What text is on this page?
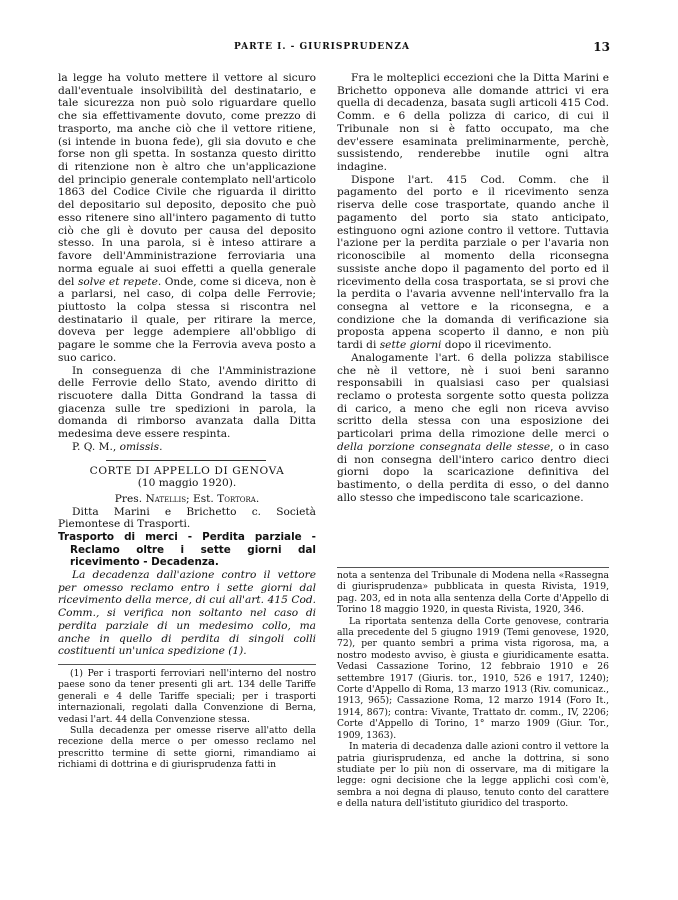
PARTE I. - GIURISPRUDENZA	13

la legge ha voluto mettere il vettore al sicuro dall'eventuale insolvibilità del destinatario, e tale sicurezza non può solo riguardare quello che sia effettivamente dovuto, come prezzo di trasporto, ma anche ciò che il vettore ritiene, (si intende in buona fede), gli sia dovuto e che forse non gli spetta. In sostanza questo diritto di ritenzione non è altro che un'applicazione del principio generale contemplato nell'articolo 1863 del Codice Civile che riguarda il diritto del depositario sul deposito, deposito che può esso ritenere sino all'intero pagamento di tutto ciò che gli è dovuto per causa del deposito stesso. In una parola, si è inteso attirare a favore dell'Amministrazione ferroviaria una norma eguale ai suoi effetti a quella generale del solve et repete. Onde, come si diceva, non è a parlarsi, nel caso, di colpa delle Ferrovie; piuttosto la colpa stessa si riscontra nel destinatario il quale, per ritirare la merce, doveva per legge adempiere all'obbligo di pagare le somme che la Ferrovia aveva posto a suo carico.

In conseguenza di che l'Amministrazione delle Ferrovie dello Stato, avendo diritto di riscuotere dalla Ditta Gondrand la tassa di giacenza sulle tre spedizioni in parola, la domanda di rimborso avanzata dalla Ditta medesima deve essere respinta.

P. Q. M., omissis.

CORTE DI APPELLO DI GENOVA

(10 maggio 1920).

Pres. Natellis; Est. Tortora.

Ditta Marini e Brichetto c. Società Piemontese di Trasporti.

Trasporto di merci - Perdita parziale - Reclamo oltre i sette giorni dal ricevimento - Decadenza.

La decadenza dall'azione contro il vettore per omesso reclamo entro i sette giorni dal ricevimento della merce, di cui all'art. 415 Cod. Comm., si verifica non soltanto nel caso di perdita parziale di un medesimo collo, ma anche in quello di perdita di singoli colli costituenti un'unica spedizione (1).

(1) Per i trasporti ferroviari nell'interno del nostro paese sono da tener presenti gli art. 134 delle Tariffe generali e 4 delle Tariffe speciali; per i trasporti internazionali, regolati dalla Convenzione di Berna, vedasi l'art. 44 della Convenzione stessa.

Sulla decadenza per omesse riserve all'atto della recezione della merce o per omesso reclamo nel prescritto termine di sette giorni, rimandiamo ai richiami di dottrina e di giurisprudenza fatti in

Fra le molteplici eccezioni che la Ditta Marini e Brichetto opponeva alle domande attrici vi era quella di decadenza, basata sugli articoli 415 Cod. Comm. e 6 della polizza di carico, di cui il Tribunale non si è fatto occupato, ma che dev'essere esaminata preliminarmente, perchè, sussistendo, renderebbe inutile ogni altra indagine.

Dispone l'art. 415 Cod. Comm. che il pagamento del porto e il ricevimento senza riserva delle cose trasportate, quando anche il pagamento del porto sia stato anticipato, estinguono ogni azione contro il vettore. Tuttavia l'azione per la perdita parziale o per l'avaria non riconoscibile al momento della riconsegna sussiste anche dopo il pagamento del porto ed il ricevimento della cosa trasportata, se si provi che la perdita o l'avaria avvenne nell'intervallo fra la consegna al vettore e la riconsegna, e a condizione che la domanda di verificazione sia proposta appena scoperto il danno, e non più tardi di sette giorni dopo il ricevimento.

Analogamente l'art. 6 della polizza stabilisce che nè il vettore, nè i suoi beni saranno responsabili in qualsiasi caso per qualsiasi reclamo o protesta sorgente sotto questa polizza di carico, a meno che egli non riceva avviso scritto della stessa con una esposizione dei particolari prima della rimozione delle merci o della porzione consegnata delle stesse, o in caso di non consegna dell'intero carico dentro dieci giorni dopo la scaricazione definitiva del bastimento, o della perdita di esso, o del danno allo stesso che impediscono tale scaricazione.

nota a sentenza del Tribunale di Modena nella «Rassegna di giurisprudenza» pubblicata in questa Rivista, 1919, pag. 203, ed in nota alla sentenza della Corte d'Appello di Torino 18 maggio 1920, in questa Rivista, 1920, 346.

La riportata sentenza della Corte genovese, contraria alla precedente del 5 giugno 1919 (Temi genovese, 1920, 72), per quanto sembri a prima vista rigorosa, ma, a nostro modesto avviso, è giusta e giuridicamente esatta. Vedasi Cassazione Torino, 12 febbraio 1910 e 26 settembre 1917 (Giuris. tor., 1910, 526 e 1917, 1240); Corte d'Appello di Roma, 13 marzo 1913 (Riv. comunicaz., 1913, 965); Cassazione Roma, 12 marzo 1914 (Foro It., 1914, 867); contra: Vivante, Trattato dr. comm., IV, 2206; Corte d'Appello di Torino, 1° marzo 1909 (Giur. Tor., 1909, 1363).

In materia di decadenza dalle azioni contro il vettore la patria giurisprudenza, ed anche la dottrina, si sono studiate per lo più non di osservare, ma di mitigare la legge: ogni decisione che la legge applichi così com'è, sembra a noi degna di plauso, tenuto conto del carattere e della natura dell'istituto giuridico del trasporto.
